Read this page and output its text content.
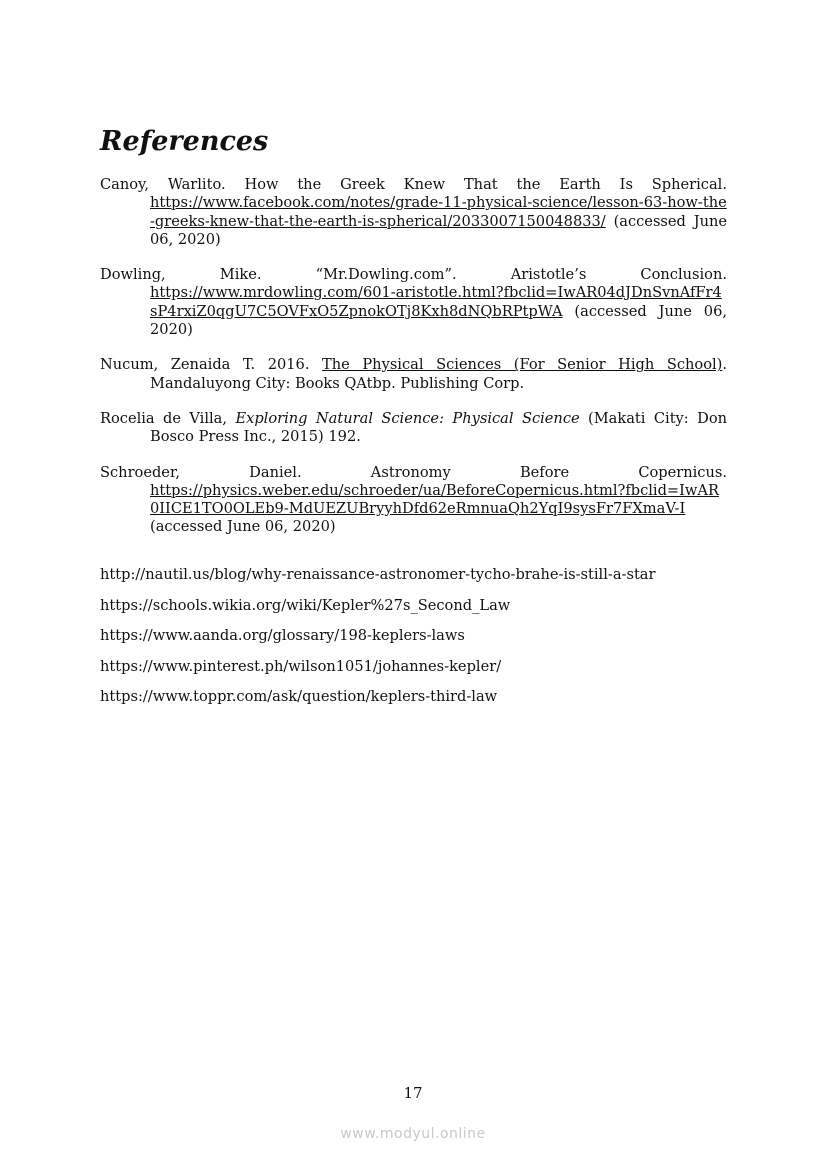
References
Canoy, Warlito. How the Greek Knew That the Earth Is Spherical.
https://www.facebook.com/notes/grade-11-physical-science/lesson-63-how-the-greeks-knew-that-the-earth-is-spherical/2033007150048833/ (accessed June 06, 2020)
Dowling, Mike. “Mr.Dowling.com”. Aristotle’s Conclusion.
https://www.mrdowling.com/601-aristotle.html?fbclid=IwAR04dJDnSvnAfFr4sP4rxiZ0qgU7C5OVFxO5ZpnokOTj8Kxh8dNQbRPtpWA (accessed June 06, 2020)
Nucum, Zenaida T. 2016. The Physical Sciences (For Senior High School). Mandaluyong City: Books QAtbp. Publishing Corp.
Rocelia de Villa, Exploring Natural Science: Physical Science (Makati City: Don Bosco Press Inc., 2015) 192.
Schroeder, Daniel. Astronomy Before Copernicus.
https://physics.weber.edu/schroeder/ua/BeforeCopernicus.html?fbclid=IwAR0IICE1TO0OLEb9-MdUEZUBryyhDfd62eRmnuaQh2YqI9sysFr7FXmaV-I (accessed June 06, 2020)
http://nautil.us/blog/why-renaissance-astronomer-tycho-brahe-is-still-a-star
https://schools.wikia.org/wiki/Kepler%27s_Second_Law
https://www.aanda.org/glossary/198-keplers-laws
https://www.pinterest.ph/wilson1051/johannes-kepler/
https://www.toppr.com/ask/question/keplers-third-law
17
www.modyul.online
